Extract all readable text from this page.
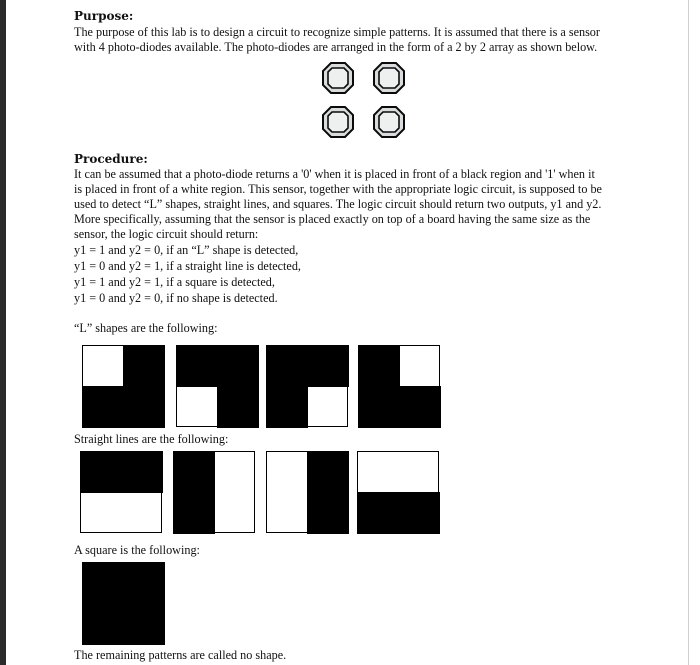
Purpose:
The purpose of this lab is to design a circuit to recognize simple patterns. It is assumed that there is a sensor
with 4 photo-diodes available. The photo-diodes are arranged in the form of a 2 by 2 array as shown below.
Procedure:
It can be assumed that a photo-diode returns a '0' when it is placed in front of a black region and '1' when it
is placed in front of a white region. This sensor, together with the appropriate logic circuit, is supposed to be
used to detect “L” shapes, straight lines, and squares. The logic circuit should return two outputs, y1 and y2.
More specifically, assuming that the sensor is placed exactly on top of a board having the same size as the
sensor, the logic circuit should return:
y1 = 1 and y2 = 0, if an “L” shape is detected,
y1 = 0 and y2 = 1, if a straight line is detected,
y1 = 1 and y2 = 1, if a square is detected,
y1 = 0 and y2 = 0, if no shape is detected.
“L” shapes are the following:
Straight lines are the following:
A square is the following:
The remaining patterns are called no shape.
